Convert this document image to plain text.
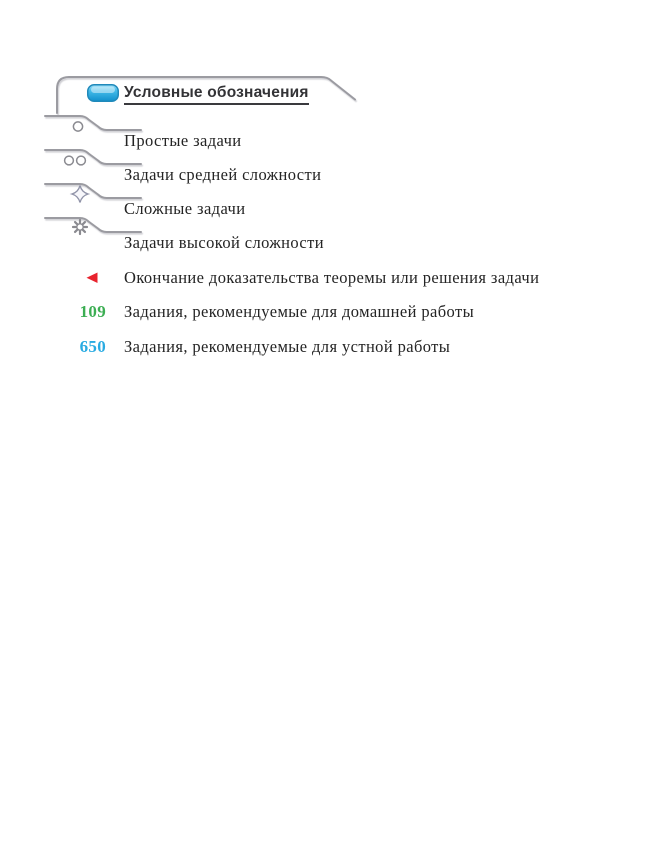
Условные обозначения
Простые задачи
Задачи средней сложности
Сложные задачи
Задачи высокой сложности
Окончание доказательства теоремы или решения задачи
109 Задания, рекомендуемые для домашней работы
650 Задания, рекомендуемые для устной работы
